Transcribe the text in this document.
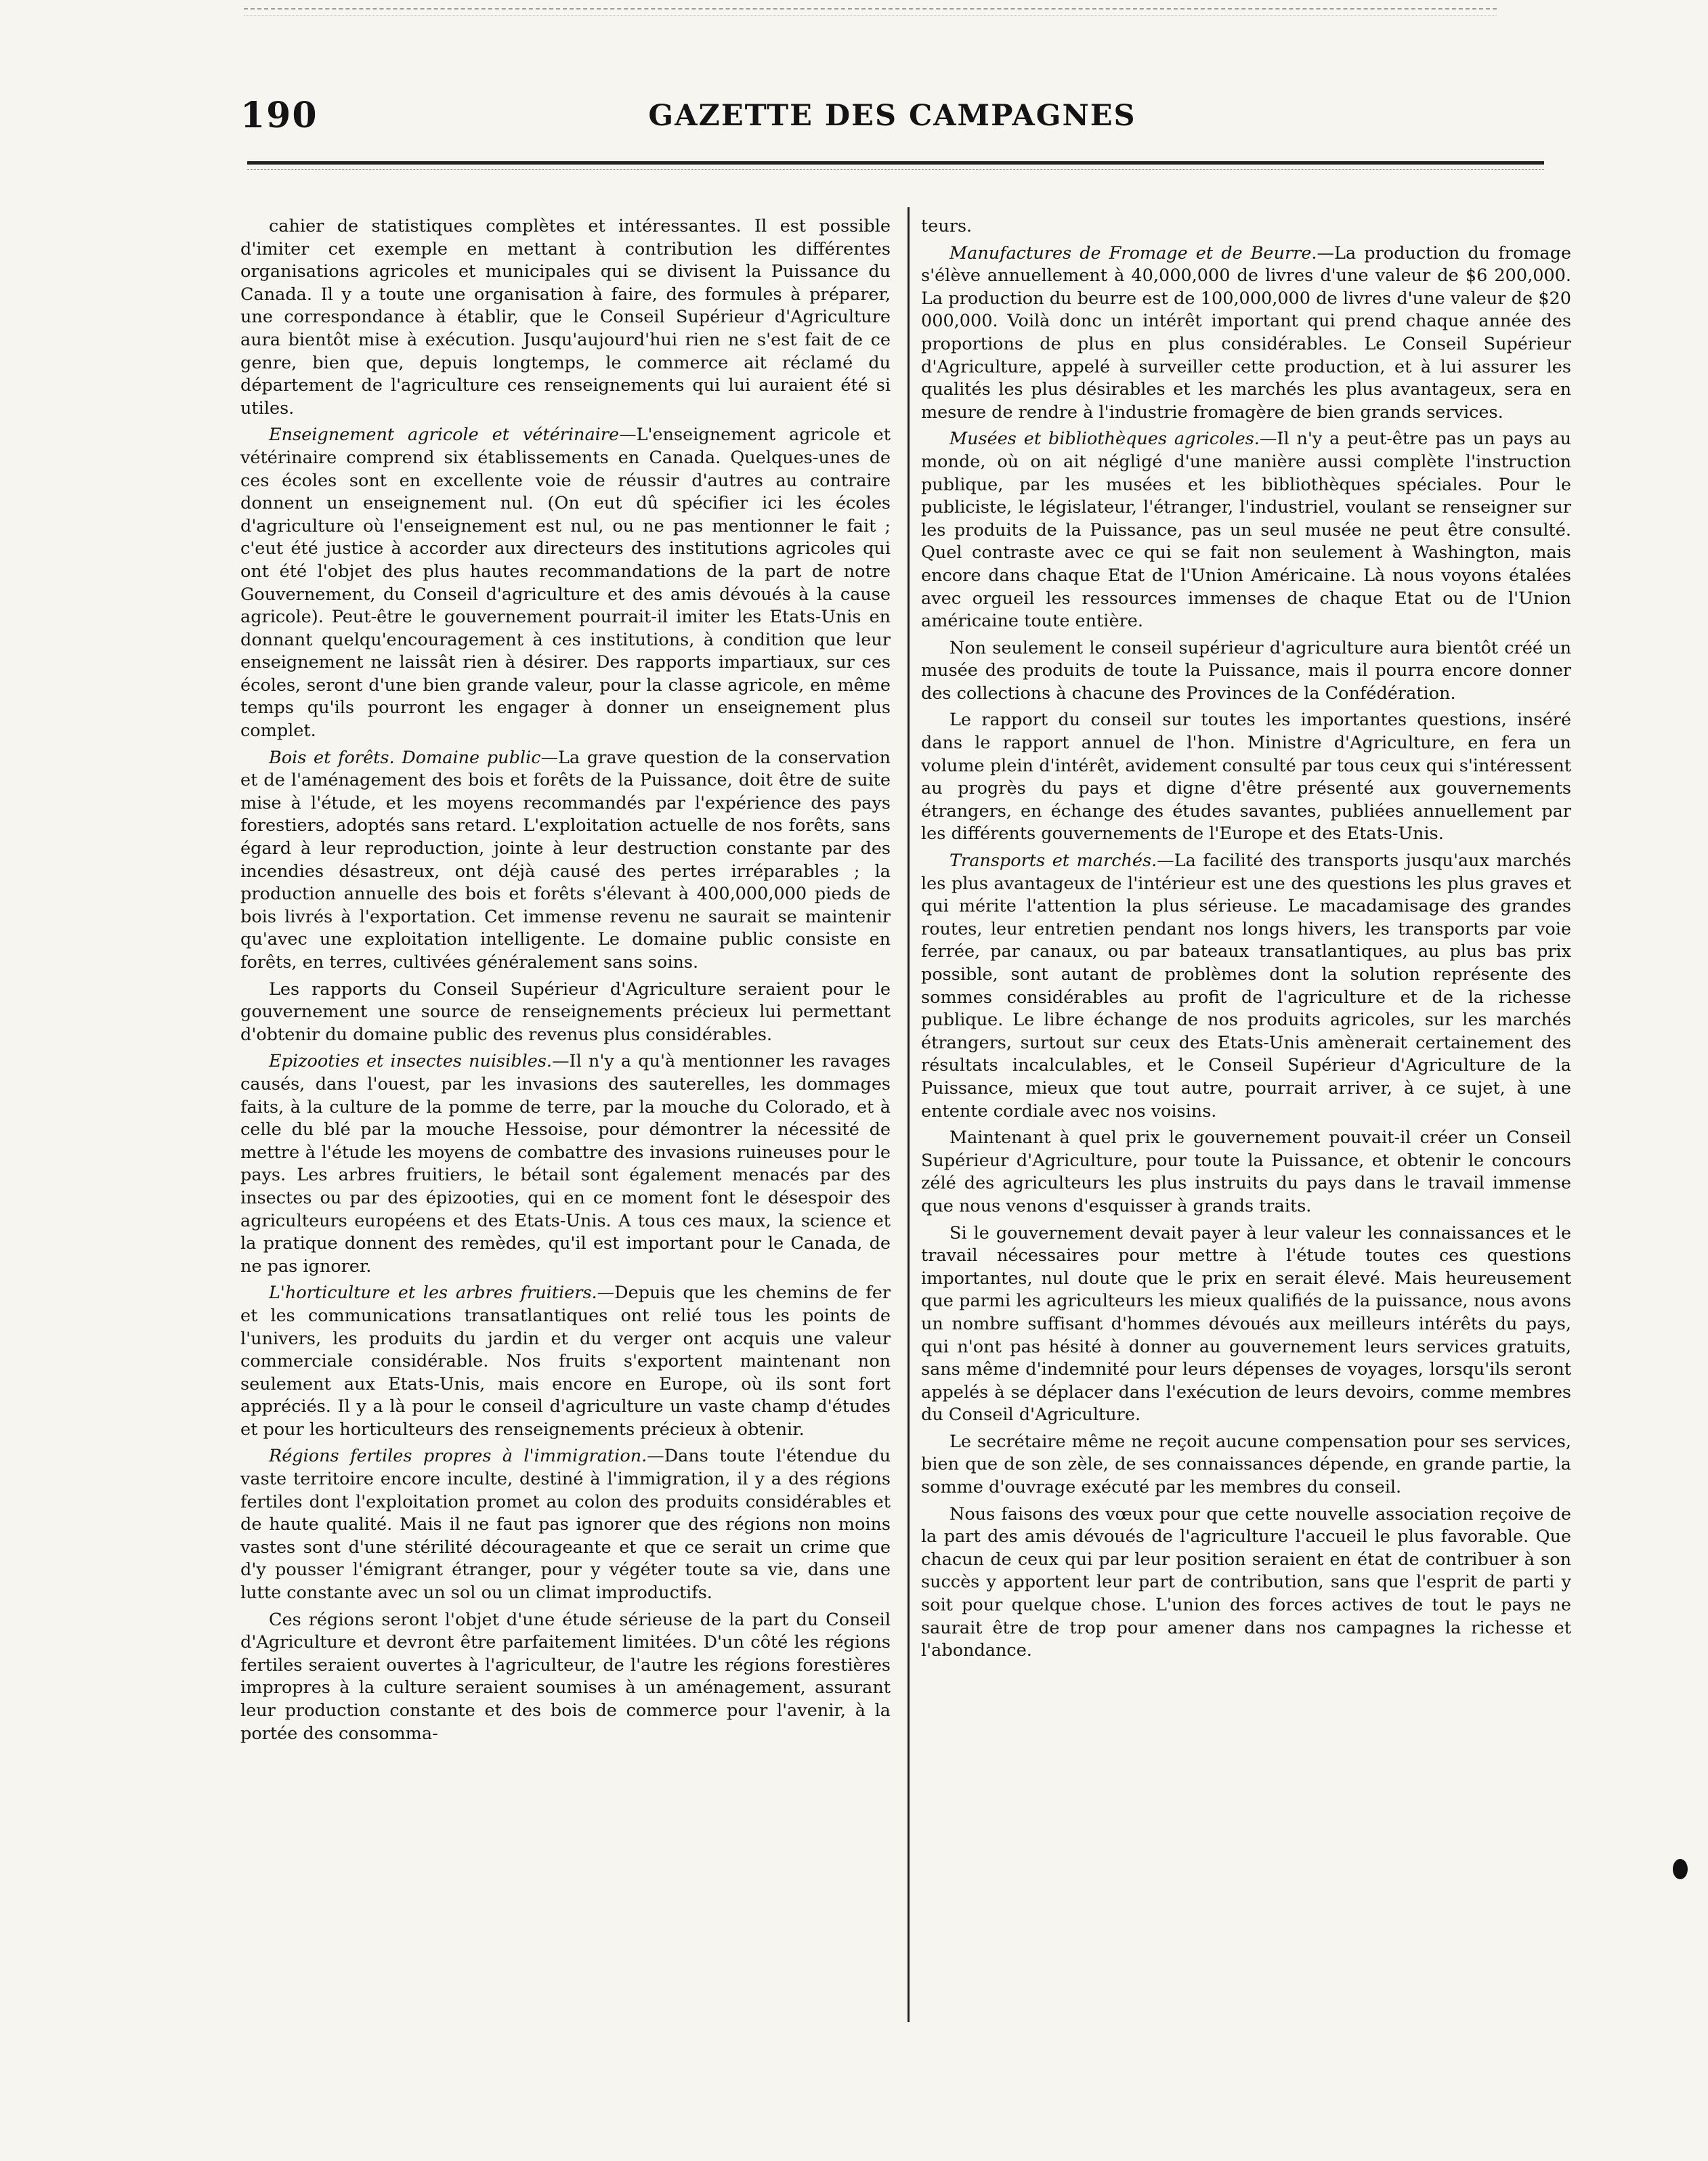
190	GAZETTE DES CAMPAGNES

cahier de statistiques complètes et intéressantes. Il est possible d'imiter cet exemple en mettant à contribution les différentes organisations agricoles et municipales qui se divisent la Puissance du Canada. Il y a toute une organisation à faire, des formules à préparer, une correspondance à établir, que le Conseil Supérieur d'Agriculture aura bientôt mise à exécution. Jusqu'aujourd'hui rien ne s'est fait de ce genre, bien que, depuis longtemps, le commerce ait réclamé du département de l'agriculture ces renseignements qui lui auraient été si utiles.

Enseignement agricole et vétérinaire—L'enseignement agricole et vétérinaire comprend six établissements en Canada. Quelques-unes de ces écoles sont en excellente voie de réussir d'autres au contraire donnent un enseignement nul. (On eut dû spécifier ici les écoles d'agriculture où l'enseignement est nul, ou ne pas mentionner le fait ; c'eut été justice à accorder aux directeurs des institutions agricoles qui ont été l'objet des plus hautes recommandations de la part de notre Gouvernement, du Conseil d'agriculture et des amis dévoués à la cause agricole). Peut-être le gouvernement pourrait-il imiter les Etats-Unis en donnant quelqu'encouragement à ces institutions, à condition que leur enseignement ne laissât rien à désirer. Des rapports impartiaux, sur ces écoles, seront d'une bien grande valeur, pour la classe agricole, en même temps qu'ils pourront les engager à donner un enseignement plus complet.

Bois et forêts. Domaine public—La grave question de la conservation et de l'aménagement des bois et forêts de la Puissance, doit être de suite mise à l'étude, et les moyens recommandés par l'expérience des pays forestiers, adoptés sans retard. L'exploitation actuelle de nos forêts, sans égard à leur reproduction, jointe à leur destruction constante par des incendies désastreux, ont déjà causé des pertes irréparables ; la production annuelle des bois et forêts s'élevant à 400,000,000 pieds de bois livrés à l'exportation. Cet immense revenu ne saurait se maintenir qu'avec une exploitation intelligente. Le domaine public consiste en forêts, en terres, cultivées généralement sans soins.

Les rapports du Conseil Supérieur d'Agriculture seraient pour le gouvernement une source de renseignements précieux lui permettant d'obtenir du domaine public des revenus plus considérables.

Epizooties et insectes nuisibles.—Il n'y a qu'à mentionner les ravages causés, dans l'ouest, par les invasions des sauterelles, les dommages faits, à la culture de la pomme de terre, par la mouche du Colorado, et à celle du blé par la mouche Hessoise, pour démontrer la nécessité de mettre à l'étude les moyens de combattre des invasions ruineuses pour le pays. Les arbres fruitiers, le bétail sont également menacés par des insectes ou par des épizooties, qui en ce moment font le désespoir des agriculteurs européens et des Etats-Unis. A tous ces maux, la science et la pratique donnent des remèdes, qu'il est important pour le Canada, de ne pas ignorer.

L'horticulture et les arbres fruitiers.—Depuis que les chemins de fer et les communications transatlantiques ont relié tous les points de l'univers, les produits du jardin et du verger ont acquis une valeur commerciale considérable. Nos fruits s'exportent maintenant non seulement aux Etats-Unis, mais encore en Europe, où ils sont fort appréciés. Il y a là pour le conseil d'agriculture un vaste champ d'études et pour les horticulteurs des renseignements précieux à obtenir.

Régions fertiles propres à l'immigration.—Dans toute l'étendue du vaste territoire encore inculte, destiné à l'immigration, il y a des régions fertiles dont l'exploitation promet au colon des produits considérables et de haute qualité. Mais il ne faut pas ignorer que des régions non moins vastes sont d'une stérilité décourageante et que ce serait un crime que d'y pousser l'émigrant étranger, pour y végéter toute sa vie, dans une lutte constante avec un sol ou un climat improductifs.

Ces régions seront l'objet d'une étude sérieuse de la part du Conseil d'Agriculture et devront être parfaitement limitées. D'un côté les régions fertiles seraient ouvertes à l'agriculteur, de l'autre les régions forestières impropres à la culture seraient soumises à un aménagement, assurant leur production constante et des bois de commerce pour l'avenir, à la portée des consomma-

teurs.

Manufactures de Fromage et de Beurre.—La production du fromage s'élève annuellement à 40,000,000 de livres d'une valeur de $6 200,000. La production du beurre est de 100,000,000 de livres d'une valeur de $20 000,000. Voilà donc un intérêt important qui prend chaque année des proportions de plus en plus considérables. Le Conseil Supérieur d'Agriculture, appelé à surveiller cette production, et à lui assurer les qualités les plus désirables et les marchés les plus avantageux, sera en mesure de rendre à l'industrie fromagère de bien grands services.

Musées et bibliothèques agricoles.—Il n'y a peut-être pas un pays au monde, où on ait négligé d'une manière aussi complète l'instruction publique, par les musées et les bibliothèques spéciales. Pour le publiciste, le législateur, l'étranger, l'industriel, voulant se renseigner sur les produits de la Puissance, pas un seul musée ne peut être consulté. Quel contraste avec ce qui se fait non seulement à Washington, mais encore dans chaque Etat de l'Union Américaine. Là nous voyons étalées avec orgueil les ressources immenses de chaque Etat ou de l'Union américaine toute entière.

Non seulement le conseil supérieur d'agriculture aura bientôt créé un musée des produits de toute la Puissance, mais il pourra encore donner des collections à chacune des Provinces de la Confédération.

Le rapport du conseil sur toutes les importantes questions, inséré dans le rapport annuel de l'hon. Ministre d'Agriculture, en fera un volume plein d'intérêt, avidement consulté par tous ceux qui s'intéressent au progrès du pays et digne d'être présenté aux gouvernements étrangers, en échange des études savantes, publiées annuellement par les différents gouvernements de l'Europe et des Etats-Unis.

Transports et marchés.—La facilité des transports jusqu'aux marchés les plus avantageux de l'intérieur est une des questions les plus graves et qui mérite l'attention la plus sérieuse. Le macadamisage des grandes routes, leur entretien pendant nos longs hivers, les transports par voie ferrée, par canaux, ou par bateaux transatlantiques, au plus bas prix possible, sont autant de problèmes dont la solution représente des sommes considérables au profit de l'agriculture et de la richesse publique. Le libre échange de nos produits agricoles, sur les marchés étrangers, surtout sur ceux des Etats-Unis amènerait certainement des résultats incalculables, et le Conseil Supérieur d'Agriculture de la Puissance, mieux que tout autre, pourrait arriver, à ce sujet, à une entente cordiale avec nos voisins.

Maintenant à quel prix le gouvernement pouvait-il créer un Conseil Supérieur d'Agriculture, pour toute la Puissance, et obtenir le concours zélé des agriculteurs les plus instruits du pays dans le travail immense que nous venons d'esquisser à grands traits.

Si le gouvernement devait payer à leur valeur les connaissances et le travail nécessaires pour mettre à l'étude toutes ces questions importantes, nul doute que le prix en serait élevé. Mais heureusement que parmi les agriculteurs les mieux qualifiés de la puissance, nous avons un nombre suffisant d'hommes dévoués aux meilleurs intérêts du pays, qui n'ont pas hésité à donner au gouvernement leurs services gratuits, sans même d'indemnité pour leurs dépenses de voyages, lorsqu'ils seront appelés à se déplacer dans l'exécution de leurs devoirs, comme membres du Conseil d'Agriculture.

Le secrétaire même ne reçoit aucune compensation pour ses services, bien que de son zèle, de ses connaissances dépende, en grande partie, la somme d'ouvrage exécuté par les membres du conseil.

Nous faisons des vœux pour que cette nouvelle association reçoive de la part des amis dévoués de l'agriculture l'accueil le plus favorable. Que chacun de ceux qui par leur position seraient en état de contribuer à son succès y apportent leur part de contribution, sans que l'esprit de parti y soit pour quelque chose. L'union des forces actives de tout le pays ne saurait être de trop pour amener dans nos campagnes la richesse et l'abondance.
